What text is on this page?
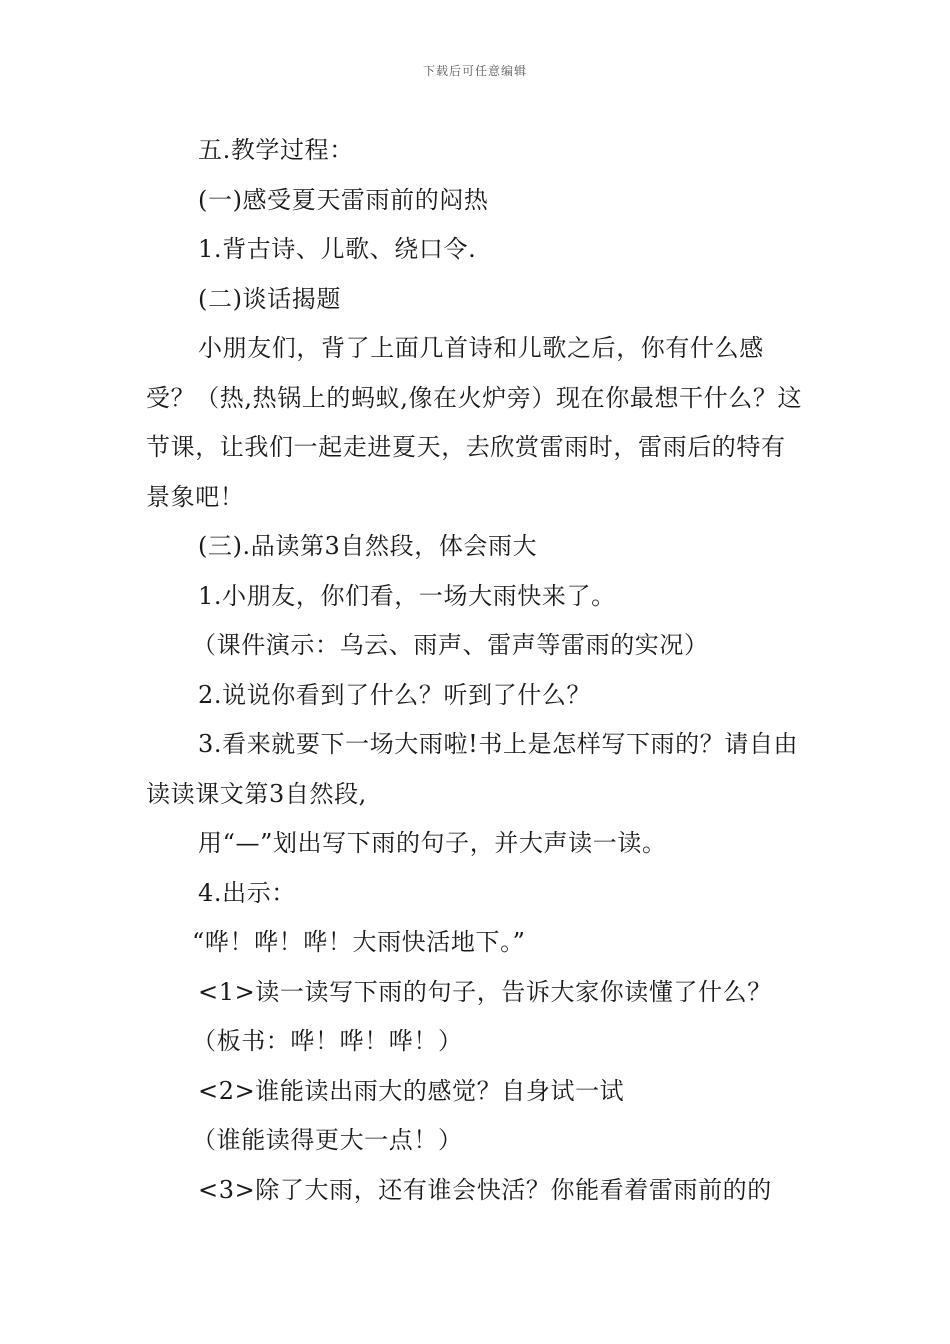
下载后可任意编辑

五.教学过程：

(一)感受夏天雷雨前的闷热

1.背古诗、儿歌、绕口令.

(二)谈话揭题

小朋友们，背了上面几首诗和儿歌之后，你有什么感受？（热,热锅上的蚂蚁,像在火炉旁）现在你最想干什么？这节课，让我们一起走进夏天，去欣赏雷雨时，雷雨后的特有景象吧！

(三).品读第3自然段，体会雨大

1.小朋友，你们看，一场大雨快来了。

（课件演示：乌云、雨声、雷声等雷雨的实况）

2.说说你看到了什么？听到了什么？

3.看来就要下一场大雨啦!书上是怎样写下雨的？请自由读读课文第3自然段,

用“—”划出写下雨的句子，并大声读一读。

4.出示：

“哗！哗！哗！大雨快活地下。”

<1>读一读写下雨的句子，告诉大家你读懂了什么？

（板书：哗！哗！哗！）

<2>谁能读出雨大的感觉？自身试一试

（谁能读得更大一点！）

<3>除了大雨，还有谁会快活？你能看着雷雨前的的
